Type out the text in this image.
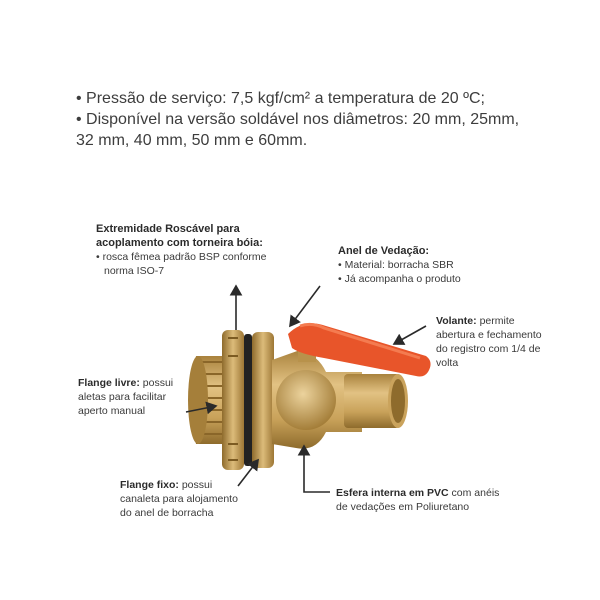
• Pressão de serviço: 7,5 kgf/cm² a temperatura de 20 ºC;
• Disponível na versão soldável nos diâmetros: 20 mm, 25mm,
32 mm, 40 mm, 50 mm e 60mm.
Extremidade Roscável para
acoplamento com torneira bóia:
• rosca fêmea padrão BSP conforme
norma ISO-7
Anel de Vedação:
• Material: borracha SBR
• Já acompanha o produto
Volante: permite
abertura e fechamento
do registro com 1/4 de
volta
Flange livre: possui
aletas para facilitar
aperto manual
Flange fixo: possui
canaleta para alojamento
do anel de borracha
Esfera interna em PVC com anéis
de vedações em Poliuretano
